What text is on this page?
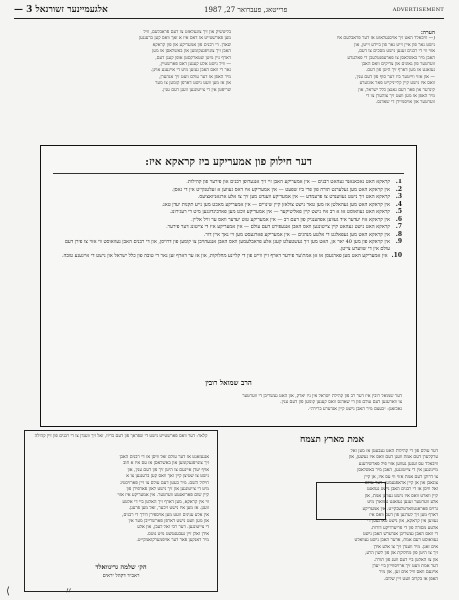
אלגעמיינער זשורנאל 3 —	פרייטאג, פעברואר 27, 1987	ADVERTISEMENT
בליטשיק און זיך צוגעלאזט צו דעם פראבלעם, וויל
מען פארשטייט אז דאס איז א זאך וואס קען ברענגען
שאדן. די רבנים פון אמעריקע און פון קראקא
האבן זיך צונויפגעקומען און באשלאסן אז מען
דארף גיין מיטן שטארקסטן אופן קעגן דעם,
— וויל נישט אלע קענען דאס פארשטיין,
נאר די וואס האבן געזען מיט די אייגענע אויגן.
מיר האפן אז דער עולם וועט זיך אנהערן,
און אז מען וועט נישט דארפן קומען צו מער
שריפטן אין די צייטונגען וועגן דעם ענין.
הערה:
(— וויבאלד האט זיך אויסגעלאזט אז דער פראבלעם איז
נישט נאר פון איין זייט נאר פון ביידע זייטן, און
אזוי ווי די רבנים זענען נישט מסכים צו דעם,
האבן מיר באשלאסן צו פארעפנטלעכן די פאלגנדע
ווערטער פון גאונים און צדיקים וואס האבן
געזאגט אז מען דארף זיך היטן פון דעם.
— און אזוי ווייטער ביז דער סוף פון דעם ענין,
וואס איז נישט קיין קלייניקייט פאר אונזערע
קינדער און פאר דעם גאנצן כלל ישראל, און
מיר האפן אז מען וועט זיך צוהערן צו די
ווערטער און אויסמיידן די שאדנס.
דער חילוק פון אמעריקע ביז קראקא איז:
1.
קראקא האט נאכאנאנד געהאט רבנים — אין אמעריקע האבן זיי זיך אנגערופן רבנים און פירער פון קהילות.
2.
אין קראקא האט מען געלערנט תורה פון פרי ביז שפעט — אין אמעריקע איז דאס געווען א זעלטנקייט אין די גאסן.
3.
קראקא האט זיך נישט געווענדט צו פרעמדע — אין אמעריקע ווענדט מען זיך צו אלע ארגאניזאציעס.
4.
אין קראקא האט מען געהאלטן אז מען טאר נישט צולאזן קיין שינויים — אין אמעריקע מאכט מען נייע תקנות יעדן טאג.
5.
קראקא האט געוואוסט אז א רב איז נישט קיין פאליטיקער — אין אמעריקע זוכט מען פארבינדונגען מיט די רעגירונג.
6.
אין קראקא איז יעדער איד געווען אפהענגיק פון דעם רב — אין אמעריקע טוט יעדער וואס ער וויל אליין.
7.
קראקא האט נישט געהאט קיין צייטונגען וואס האבן אנגעפירט דעם עולם — אין אמעריקע איז די צייטונג דער פירער.
8.
אין קראקא האט מען געפאלגט די אלטע מנהגים — אין אמעריקע פארגעסט מען זיי נאך איין דור.
9.
אין קראקא פון מען 40 יאר אן, האט מען זיך געשטעלט קעגן אלע פראבלעמען וואס האבן אנגעהויבן צו קומען פון דרויסן, און די רבנים האבן געוואוסט ווי אזוי צו פירן דעם עולם אין די שווערע צייטן.
10.
אין אמעריקע האט מען פארגעסן אז אן אמת'ער פירער דארף זיין ווייט פון די קליינע מחלוקות, און אז ער דארף זען נאר די טובה פון כלל ישראל און נישט די אייגענע טובה.
הרב שמואל רובין
דער שמואל רובין איז דער רב פון קהילת ישראל אין ניו יארק, און האט געשריבן די ווערטער
צו ווארענען דעם עולם פון די שאדנס וואס קענען קומען פון דעם ענין.
נאכזאגן: ״בעצם מיר האבן נישט קיין אנדערע ברירה״.
קלאר: דער וואס פארשטייט נישט די שפראך פון דעם בריוו, זאל זיך ווענדן צו די רבנים פון זיין קהילה
אנגעזאגט אז דער עולם זאל וויסן אז די רבנים האבן
זיך צונויפגעקומען און באשלאסן אז עס איז א חוב
אויף יעדן איינעם צו היטן זיך פון דעם ענין, און
נישט צו שטיצן קיין זאך וואס קען ברענגען צו א
חילול השם. מיר בעטן דעם עולם צו זיין פארזיכטיג
מיט די צייטונגען און זיך נישט לאזן פארפירן פון
קיין שום פארזאגטע ווערטער. אין אמעריקע איז אזוי
ווי אין קראקא, מען דארף זיך האלטן ביי די אלטע
וועגן. אז מען איז נישט זיכער, זאל מען פרעגן.
אין אלע ענינים וועט מען אויספירן דורך די רבנים,
און מען וועט נישט דארפן פארשרייבן מער אין
די צייטונגען. דער רבי זאל לעבן, און אלע
אידן זאלן זיין געבענטשט מיט גוטס.
מיר דאנקען פאר דער אויפמערקזאמקייט.
הק׳ שלמה גרינוואלד
ראב״ד דקהל יראים
אמת מארץ תצמח
דער עולם פון די קהילות האט געבעטן אז מען זאל
ערקלערן דעם אמת וועגן דעם וואס איז געשען, און
וויבאלד עס זענען געווען אזוי פיל פארשידענע
מיינונגען אין די צייטונגען, האבן מיר באשלאסן
צו דרוקן דעם אמת אזוי ווי עס איז, אן קיין
צוגאבן און אן קיין אראפנעמען. דער עולם
זאל וויסן אז די רבנים האבן נישט געזאגט
קיין ווארט וואס איז נישט געווען אמת, און
אלע ווערטער זענען געזאגט געווארן מיט
גרויס פאראנטווארטלעכקייט. אין אמעריקע
דארף מען זיך לערנען פון דעם וואס איז
געווען אין קראקא, און נישט פארגעסן די
אלטע מסורה פון די פריערדיקע דורות.
די וואס האבן געשריבן אנדערש האבן נישט
געוואוסט דעם אמת, אדער האבן נישט געוואלט
אים זאגן. מיר ווענדן זיך צו אלע אידן
זיך צו היטן פון מחלוקת און פון לשון הרע,
און צו האלטן ביי דעם וועג פון תורה.
דער אמת וועט זיך ארויסווייזן ביי יעדן
איינעם וואס וויל אים זען, און מיר
האפן אז בקרוב וועט זיין שלום.
⟨	〃
